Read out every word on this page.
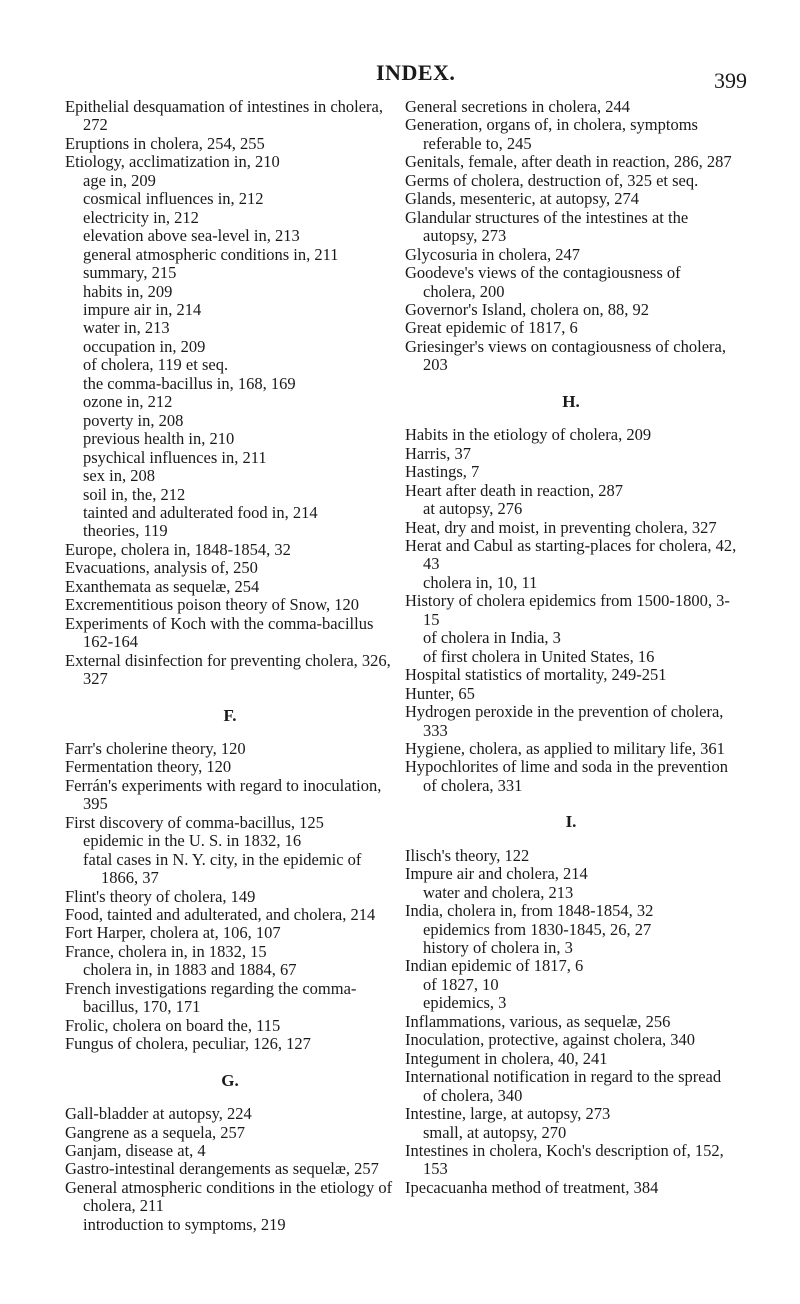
INDEX.	399
Epithelial desquamation of intestines in cholera, 272
Eruptions in cholera, 254, 255
Etiology, acclimatization in, 210
age in, 209
cosmical influences in, 212
electricity in, 212
elevation above sea-level in, 213
general atmospheric conditions in, 211
summary, 215
habits in, 209
impure air in, 214
water in, 213
occupation in, 209
of cholera, 119 et seq.
the comma-bacillus in, 168, 169
ozone in, 212
poverty in, 208
previous health in, 210
psychical influences in, 211
sex in, 208
soil in, the, 212
tainted and adulterated food in, 214
theories, 119
Europe, cholera in, 1848-1854, 32
Evacuations, analysis of, 250
Exanthemata as sequelæ, 254
Excrementitious poison theory of Snow, 120
Experiments of Koch with the comma-bacillus 162-164
External disinfection for preventing cholera, 326, 327
F.
Farr's cholerine theory, 120
Fermentation theory, 120
Ferrán's experiments with regard to inoculation, 395
First discovery of comma-bacillus, 125
epidemic in the U. S. in 1832, 16
fatal cases in N. Y. city, in the epidemic of 1866, 37
Flint's theory of cholera, 149
Food, tainted and adulterated, and cholera, 214
Fort Harper, cholera at, 106, 107
France, cholera in, in 1832, 15
cholera in, in 1883 and 1884, 67
French investigations regarding the comma-bacillus, 170, 171
Frolic, cholera on board the, 115
Fungus of cholera, peculiar, 126, 127
G.
Gall-bladder at autopsy, 224
Gangrene as a sequela, 257
Ganjam, disease at, 4
Gastro-intestinal derangements as sequelæ, 257
General atmospheric conditions in the etiology of cholera, 211
introduction to symptoms, 219
General secretions in cholera, 244
Generation, organs of, in cholera, symptoms referable to, 245
Genitals, female, after death in reaction, 286, 287
Germs of cholera, destruction of, 325 et seq.
Glands, mesenteric, at autopsy, 274
Glandular structures of the intestines at the autopsy, 273
Glycosuria in cholera, 247
Goodeve's views of the contagiousness of cholera, 200
Governor's Island, cholera on, 88, 92
Great epidemic of 1817, 6
Griesinger's views on contagiousness of cholera, 203
H.
Habits in the etiology of cholera, 209
Harris, 37
Hastings, 7
Heart after death in reaction, 287
at autopsy, 276
Heat, dry and moist, in preventing cholera, 327
Herat and Cabul as starting-places for cholera, 42, 43
cholera in, 10, 11
History of cholera epidemics from 1500-1800, 3-15
of cholera in India, 3
of first cholera in United States, 16
Hospital statistics of mortality, 249-251
Hunter, 65
Hydrogen peroxide in the prevention of cholera, 333
Hygiene, cholera, as applied to military life, 361
Hypochlorites of lime and soda in the prevention of cholera, 331
I.
Ilisch's theory, 122
Impure air and cholera, 214
water and cholera, 213
India, cholera in, from 1848-1854, 32
epidemics from 1830-1845, 26, 27
history of cholera in, 3
Indian epidemic of 1817, 6
of 1827, 10
epidemics, 3
Inflammations, various, as sequelæ, 256
Inoculation, protective, against cholera, 340
Integument in cholera, 40, 241
International notification in regard to the spread of cholera, 340
Intestine, large, at autopsy, 273
small, at autopsy, 270
Intestines in cholera, Koch's description of, 152, 153
Ipecacuanha method of treatment, 384
